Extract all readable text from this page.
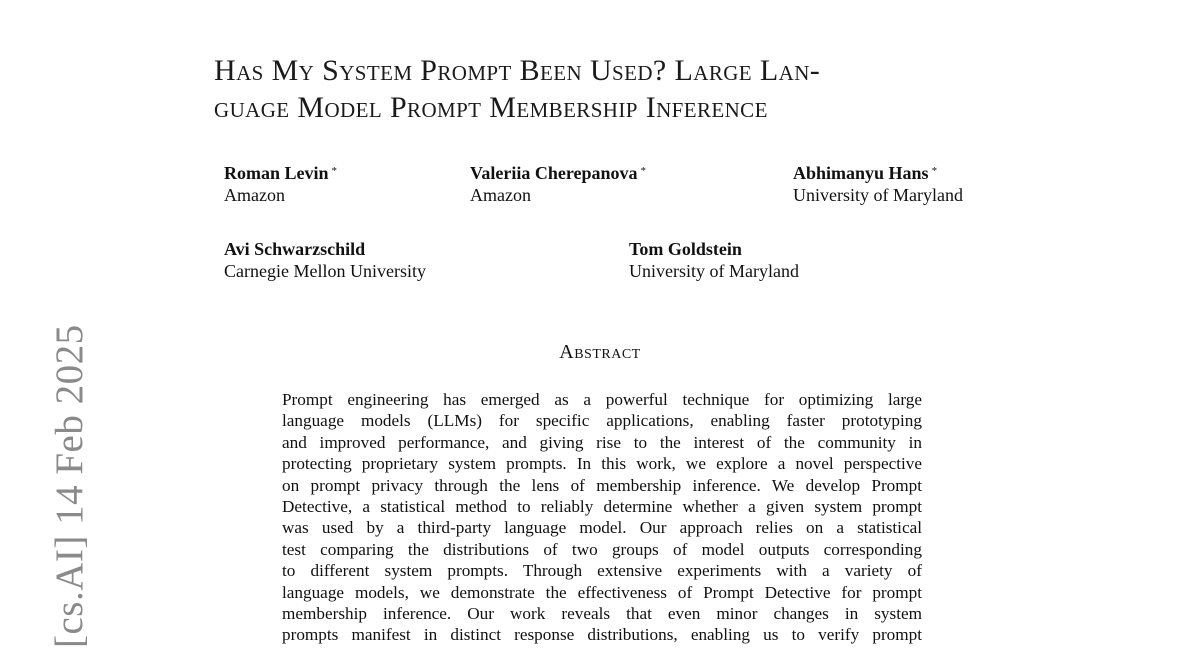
[cs.AI] 14 Feb 2025
Has My System Prompt Been Used? Large Lan-
guage Model Prompt Membership Inference
Roman Levin *
Amazon
Valeriia Cherepanova *
Amazon
Abhimanyu Hans *
University of Maryland
Avi Schwarzschild
Carnegie Mellon University
Tom Goldstein
University of Maryland
Abstract
Prompt engineering has emerged as a powerful technique for optimizing large
language models (LLMs) for specific applications, enabling faster prototyping
and improved performance, and giving rise to the interest of the community in
protecting proprietary system prompts. In this work, we explore a novel perspective
on prompt privacy through the lens of membership inference. We develop Prompt
Detective, a statistical method to reliably determine whether a given system prompt
was used by a third-party language model. Our approach relies on a statistical
test comparing the distributions of two groups of model outputs corresponding
to different system prompts. Through extensive experiments with a variety of
language models, we demonstrate the effectiveness of Prompt Detective for prompt
membership inference. Our work reveals that even minor changes in system
prompts manifest in distinct response distributions, enabling us to verify prompt
